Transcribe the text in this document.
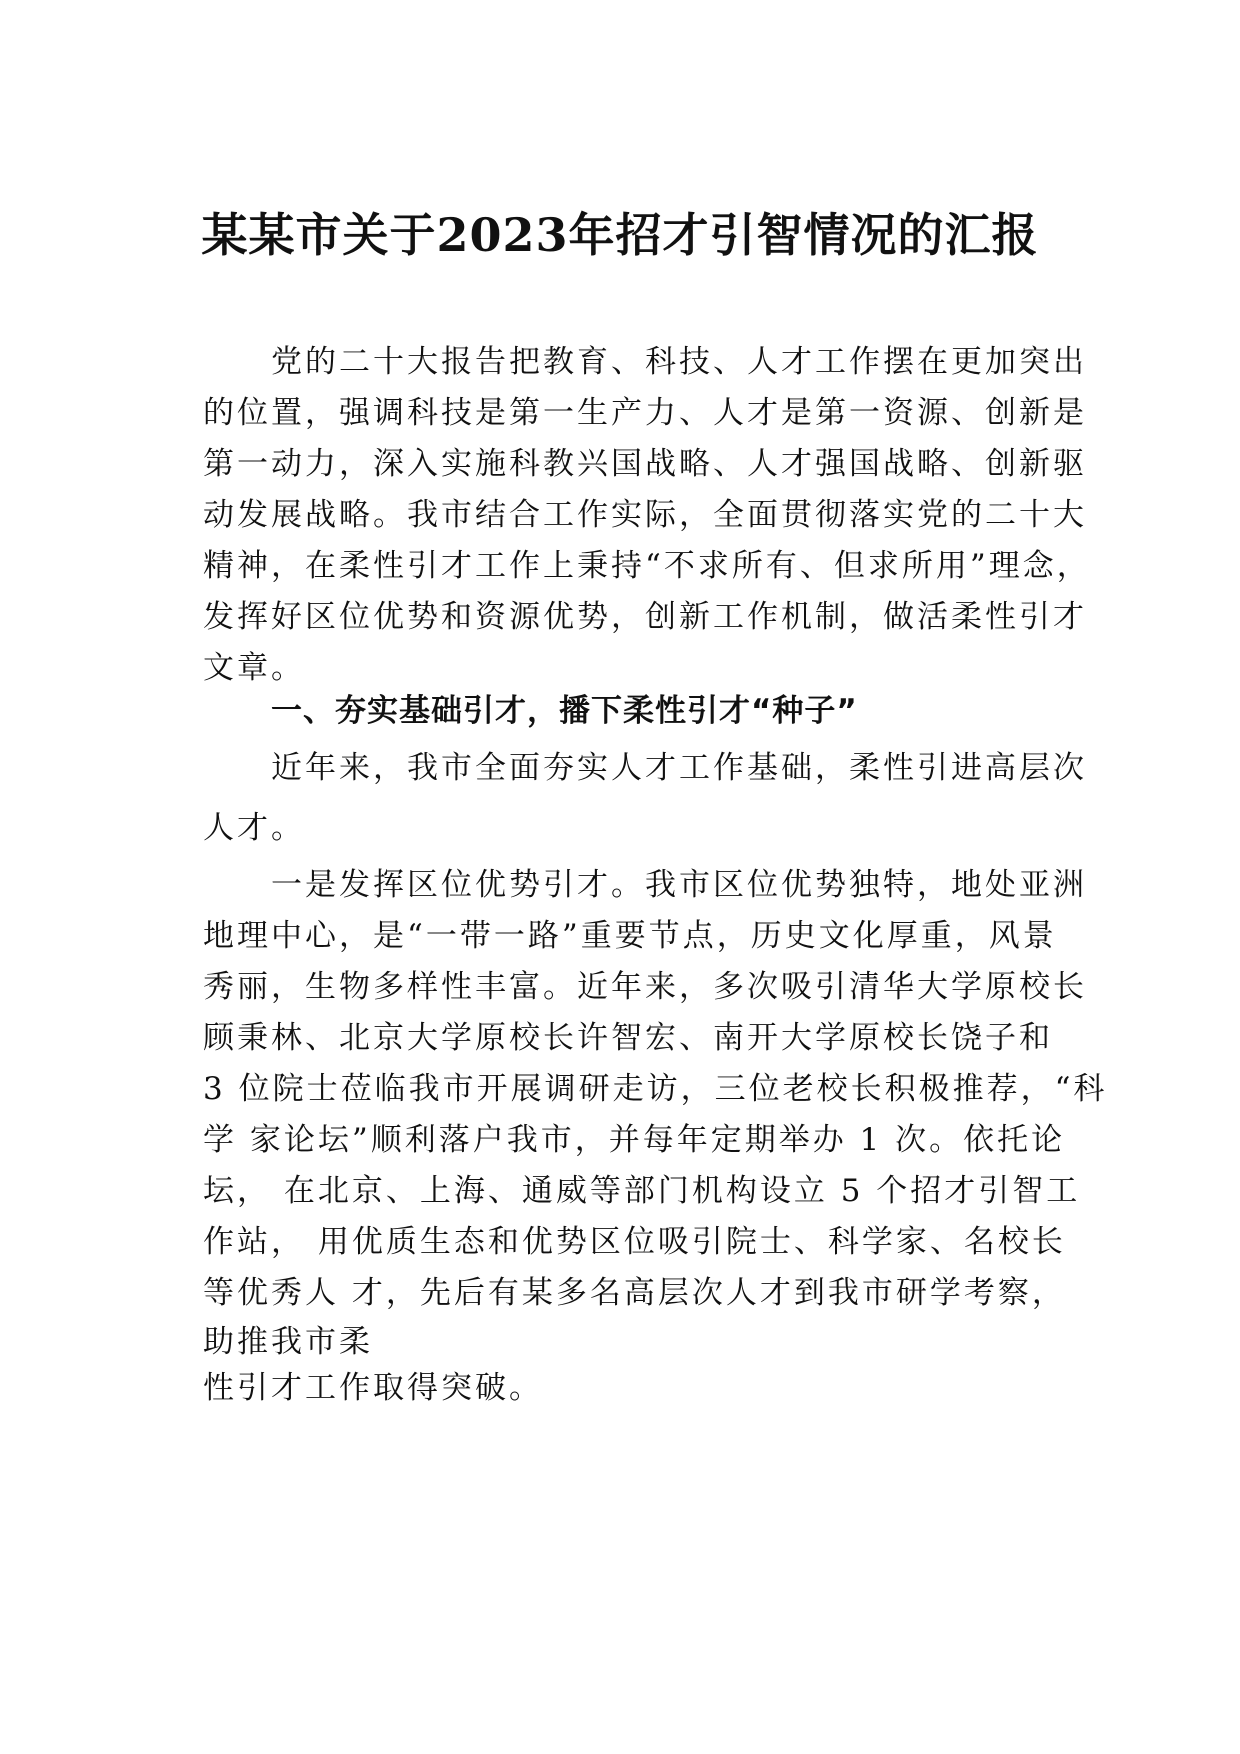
某某市关于2023年招才引智情况的汇报
党的二十大报告把教育、科技、人才工作摆在更加突出
的位置，强调科技是第一生产力、人才是第一资源、创新是
第一动力，深入实施科教兴国战略、人才强国战略、创新驱
动发展战略。我市结合工作实际，全面贯彻落实党的二十大
精神，在柔性引才工作上秉持“不求所有、但求所用”理念，
发挥好区位优势和资源优势，创新工作机制，做活柔性引才
文章。
一、夯实基础引才，播下柔性引才“种子”
近年来，我市全面夯实人才工作基础，柔性引进高层次
人才。
一是发挥区位优势引才。我市区位优势独特，地处亚洲
地理中心，是“一带一路”重要节点，历史文化厚重，风景
秀丽，生物多样性丰富。近年来，多次吸引清华大学原校长
顾秉林、北京大学原校长许智宏、南开大学原校长饶子和
3 位院士莅临我市开展调研走访，三位老校长积极推荐，“科
学 家论坛”顺利落户我市，并每年定期举办 1 次。依托论
坛， 在北京、上海、通威等部门机构设立 5 个招才引智工
作站， 用优质生态和优势区位吸引院士、科学家、名校长
等优秀人 才，先后有某多名高层次人才到我市研学考察，
助推我市柔
性引才工作取得突破。
